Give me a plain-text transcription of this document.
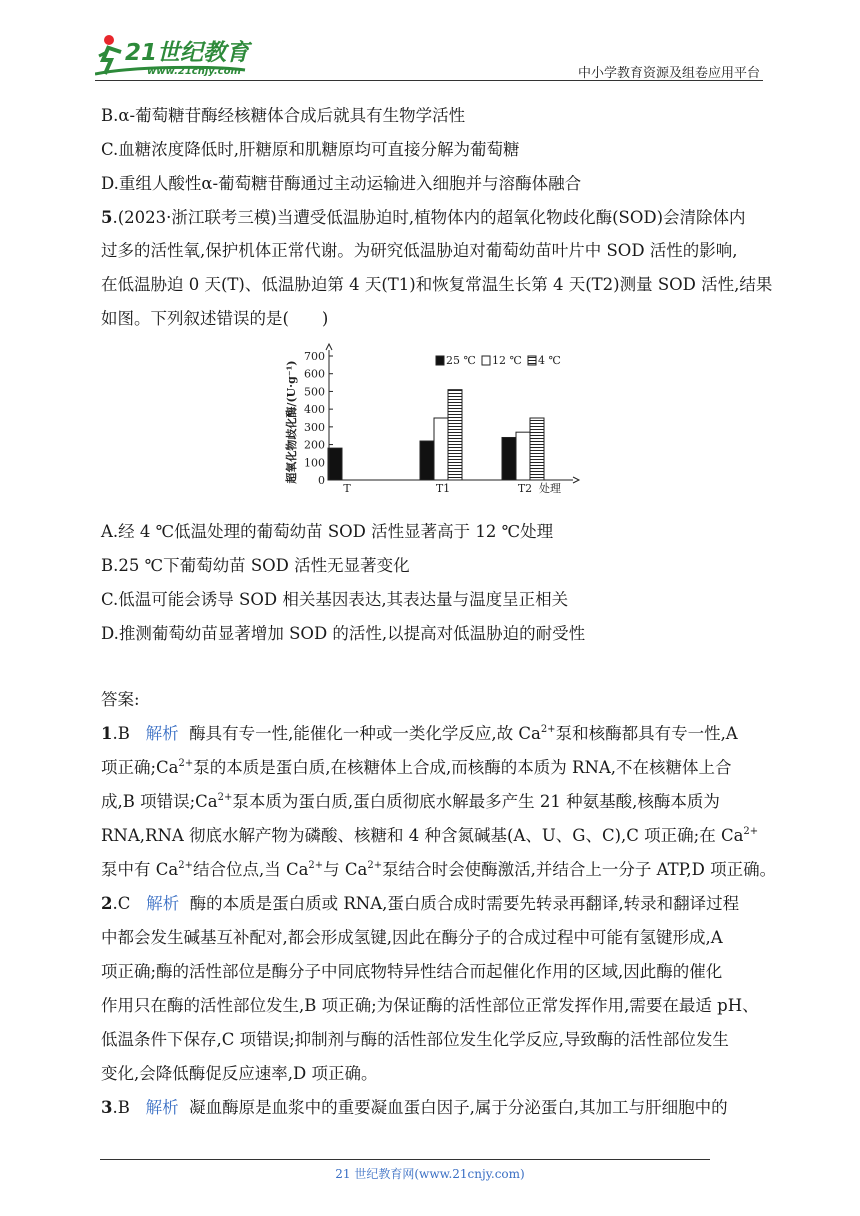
21世纪教育
www.21cnjy.com	中小学教育资源及组卷应用平台
B.α-葡萄糖苷酶经核糖体合成后就具有生物学活性
C.血糖浓度降低时,肝糖原和肌糖原均可直接分解为葡萄糖
D.重组人酸性α-葡萄糖苷酶通过主动运输进入细胞并与溶酶体融合
5.(2023·浙江联考三模)当遭受低温胁迫时,植物体内的超氧化物歧化酶(SOD)会清除体内
过多的活性氧,保护机体正常代谢。为研究低温胁迫对葡萄幼苗叶片中 SOD 活性的影响,
在低温胁迫 0 天(T)、低温胁迫第 4 天(T1)和恢复常温生长第 4 天(T2)测量 SOD 活性,结果
如图。下列叙述错误的是(　　)
超氧化物歧化酶/(U·g⁻¹) 0
100
200
300
400
500
600
700
T	T1	T2
25 ℃ 12 ℃ 4 ℃
处理
A.经 4 ℃低温处理的葡萄幼苗 SOD 活性显著高于 12 ℃处理
B.25 ℃下葡萄幼苗 SOD 活性无显著变化
C.低温可能会诱导 SOD 相关基因表达,其表达量与温度呈正相关
D.推测葡萄幼苗显著增加 SOD 的活性,以提高对低温胁迫的耐受性
答案:
1.B 解析 酶具有专一性,能催化一种或一类化学反应,故 $Ca^{2+}$泵和核酶都具有专一性,A
项正确$;Ca^{2+}$泵的本质是蛋白质,在核糖体上合成,而核酶的本质为 RNA,不在核糖体上合
成,B 项错误$;Ca^{2+}$泵本质为蛋白质,蛋白质彻底水解最多产生 21 种氨基酸,核酶本质为
RNA,RNA 彻底水解产物为磷酸、核糖和 4 种含氮碱基(A、U、G、C),C 项正确;在 $Ca^{2+}$
泵中有 $Ca^{2+}$结合位点,当 $Ca^{2+}$与 $Ca^{2+}$泵结合时会使酶激活,并结合上一分子 ATP,D 项正确。
2.C 解析 酶的本质是蛋白质或 RNA,蛋白质合成时需要先转录再翻译,转录和翻译过程
中都会发生碱基互补配对,都会形成氢键,因此在酶分子的合成过程中可能有氢键形成,A
项正确;酶的活性部位是酶分子中同底物特异性结合而起催化作用的区域,因此酶的催化
作用只在酶的活性部位发生,B 项正确;为保证酶的活性部位正常发挥作用,需要在最适 pH、
低温条件下保存,C 项错误;抑制剂与酶的活性部位发生化学反应,导致酶的活性部位发生
变化,会降低酶促反应速率,D 项正确。
3.B 解析 凝血酶原是血浆中的重要凝血蛋白因子,属于分泌蛋白,其加工与肝细胞中的
21 世纪教育网(www.21cnjy.com)
